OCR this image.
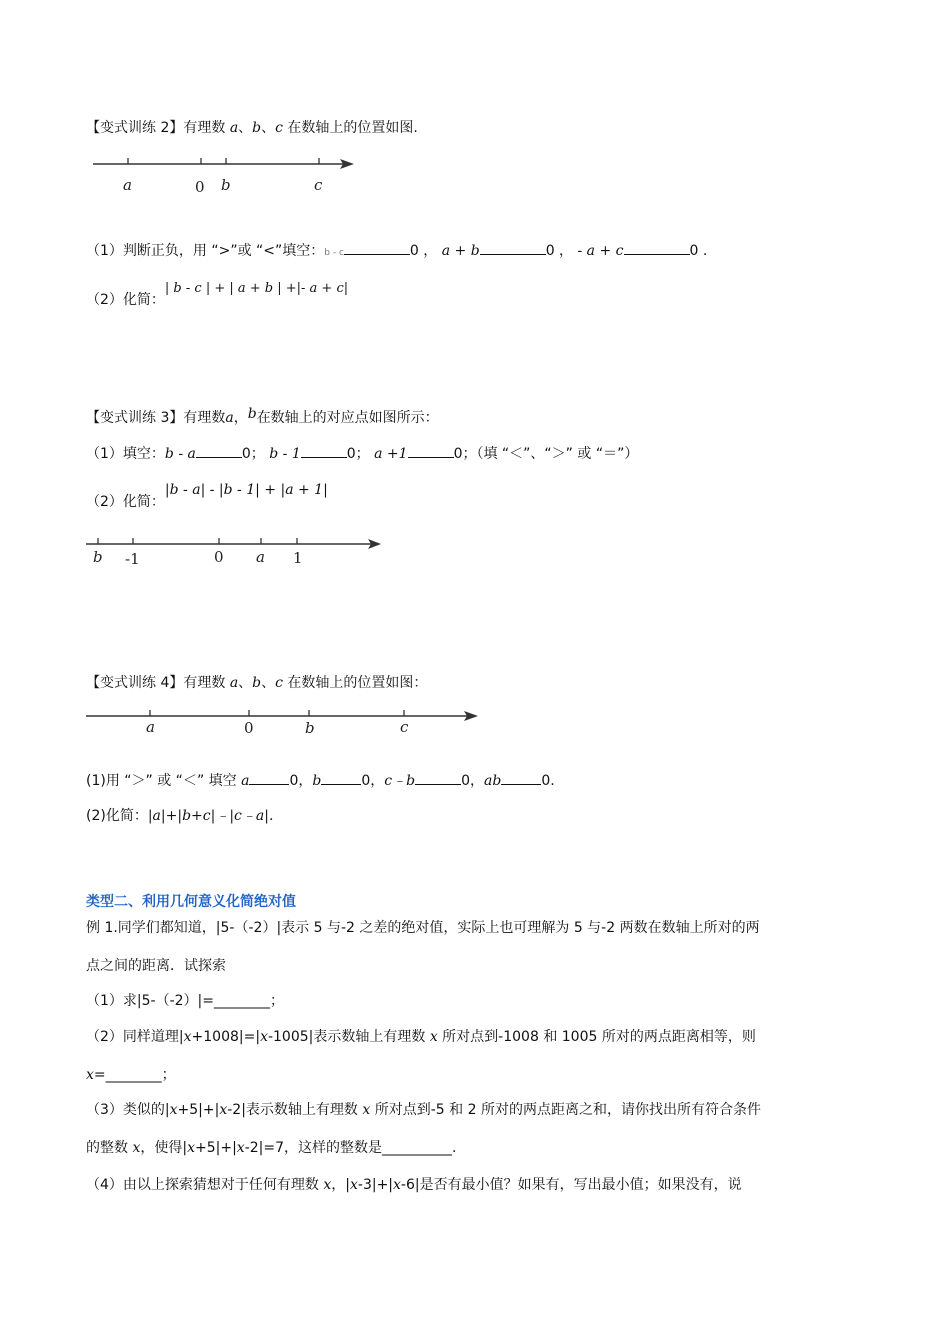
【变式训练 2】有理数 a、b、c 在数轴上的位置如图.
a	0 b	c
（1）判断正负，用 “>”或 “<”填空：b - c	0 ， a + b	0 ， - a + c	0 .
（2）化简：| b - c | + | a + b | +|- a + c|
【变式训练 3】有理数a，b在数轴上的对应点如图所示：
（1）填空：b - a	0； b - 1	0； a +1	0；（填 “＜”、“＞” 或 “＝”）
（2）化简：|b - a| - |b - 1| + |a + 1|
b -1	0 a 1
【变式训练 4】有理数 a、b、c 在数轴上的位置如图：
a	0	b	c
(1)用 “＞” 或 “＜” 填空 a	0，b	0，c﹣b	0，ab	0.
(2)化简：|a|+|b+c|﹣|c﹣a|.
类型二、利用几何意义化简绝对值
例 1.同学们都知道，|5-（-2）|表示 5 与-2 之差的绝对值，实际上也可理解为 5 与-2 两数在数轴上所对的两
点之间的距离．试探索
（1）求|5-（-2）|=________；
（2）同样道理|x+1008|=|x-1005|表示数轴上有理数 x 所对点到-1008 和 1005 所对的两点距离相等，则
x=________；
（3）类似的|x+5|+|x-2|表示数轴上有理数 x 所对点到-5 和 2 所对的两点距离之和，请你找出所有符合条件
的整数 x，使得|x+5|+|x-2|=7，这样的整数是__________.
（4）由以上探索猜想对于任何有理数 x，|x-3|+|x-6|是否有最小值？如果有，写出最小值；如果没有，说
